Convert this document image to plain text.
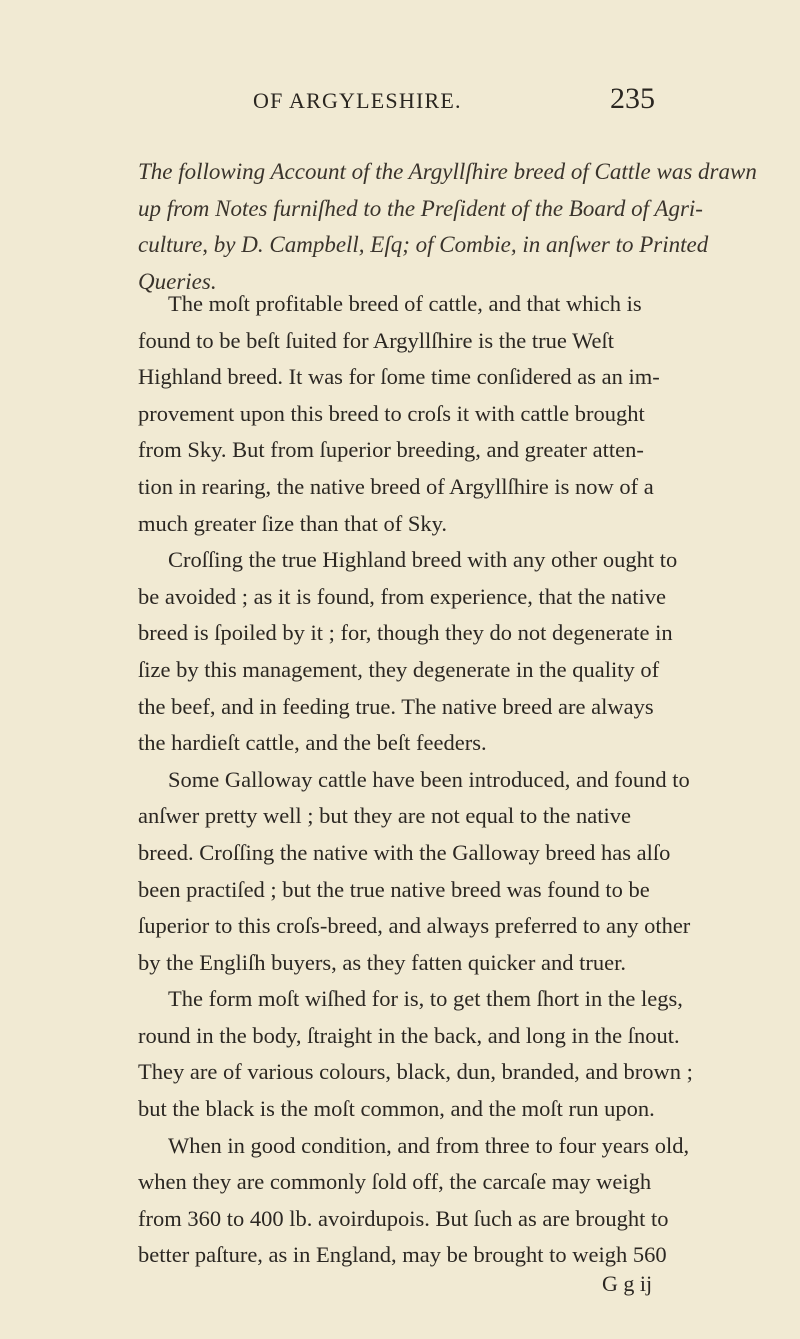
OF ARGYLESHIRE.	235
The following Account of the Argyllſhire breed of Cattle was drawn
up from Notes furniſhed to the Preſident of the Board of Agri-
culture, by D. Campbell, Eſq; of Combie, in anſwer to Printed
Queries.
The moſt profitable breed of cattle, and that which is
found to be beſt ſuited for Argyllſhire is the true Weſt
Highland breed. It was for ſome time conſidered as an im-
provement upon this breed to croſs it with cattle brought
from Sky. But from ſuperior breeding, and greater atten-
tion in rearing, the native breed of Argyllſhire is now of a
much greater ſize than that of Sky.
Croſſing the true Highland breed with any other ought to
be avoided ; as it is found, from experience, that the native
breed is ſpoiled by it ; for, though they do not degenerate in
ſize by this management, they degenerate in the quality of
the beef, and in feeding true. The native breed are always
the hardieſt cattle, and the beſt feeders.
Some Galloway cattle have been introduced, and found to
anſwer pretty well ; but they are not equal to the native
breed. Croſſing the native with the Galloway breed has alſo
been practiſed ; but the true native breed was found to be
ſuperior to this croſs-breed, and always preferred to any other
by the Engliſh buyers, as they fatten quicker and truer.
The form moſt wiſhed for is, to get them ſhort in the legs,
round in the body, ſtraight in the back, and long in the ſnout.
They are of various colours, black, dun, branded, and brown ;
but the black is the moſt common, and the moſt run upon.
When in good condition, and from three to four years old,
when they are commonly ſold off, the carcaſe may weigh
from 360 to 400 lb. avoirdupois. But ſuch as are brought to
better paſture, as in England, may be brought to weigh 560
G g ij
